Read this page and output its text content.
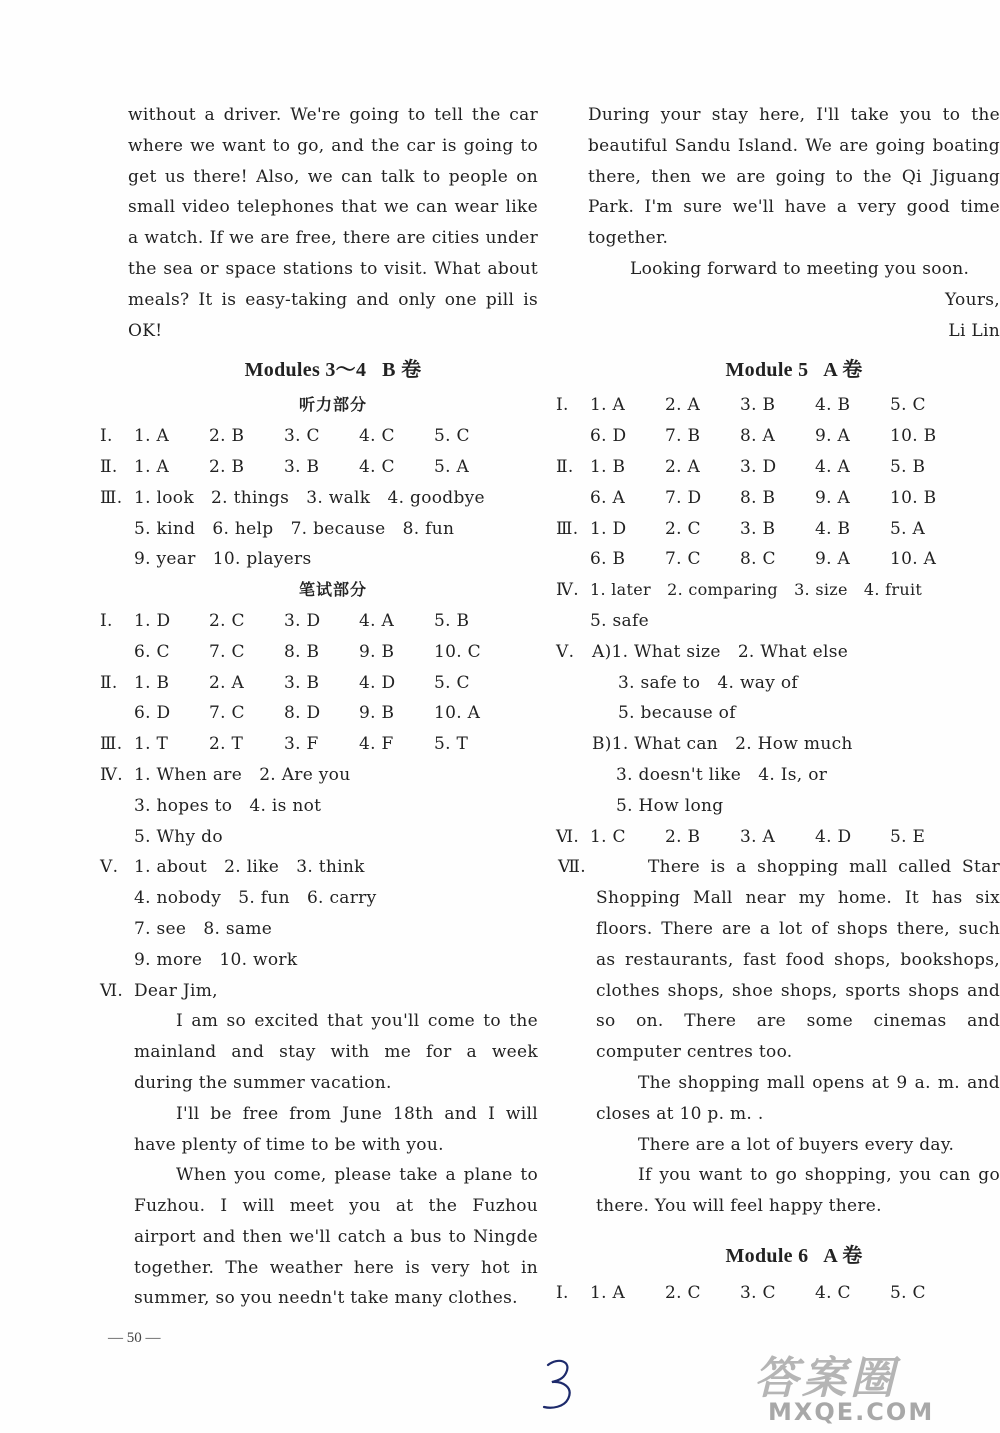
without a driver. We're going to tell the car where we want to go, and the car is going to get us there! Also, we can talk to people on small video telephones that we can wear like a watch. If we are free, there are cities under the sea or space stations to visit. What about meals? It is easy-taking and only one pill is OK!

Modules 3～4   B 卷
听力部分
Ⅰ.	1. A	2. B	3. C	4. C	5. C
Ⅱ. 1. A	2. B	3. B	4. C	5. A
Ⅲ. 1. look   2. things   3. walk   4. goodbye
5. kind   6. help   7. because   8. fun
9. year   10. players
笔试部分
Ⅰ.	1. D	2. C	3. D	4. A	5. B
6. C	7. C	8. B	9. B	10. C
Ⅱ. 1. B	2. A	3. B	4. D	5. C
6. D	7. C	8. D	9. B	10. A
Ⅲ. 1. T	2. T	3. F	4. F	5. T
Ⅳ. 1. When are   2. Are you
3. hopes to   4. is not
5. Why do
Ⅴ. 1. about   2. like   3. think
4. nobody   5. fun   6. carry
7. see   8. same
9. more   10. work
Ⅵ. Dear Jim,

I am so excited that you'll come to the mainland and stay with me for a week during the summer vacation.

I'll be free from June 18th and I will have plenty of time to be with you.

When you come, please take a plane to Fuzhou. I will meet you at the Fuzhou airport and then we'll catch a bus to Ningde together. The weather here is very hot in summer, so you needn't take many clothes.

During your stay here, I'll take you to the beautiful Sandu Island. We are going boating there, then we are going to the Qi Jiguang Park. I'm sure we'll have a very good time together.

Looking forward to meeting you soon.
Yours,
Li Lin
Module 5   A 卷
Ⅰ.	1. A	2. A	3. B	4. B	5. C
6. D	7. B	8. A	9. A	10. B
Ⅱ. 1. B	2. A	3. D	4. A	5. B
6. A	7. D	8. B	9. A	10. B
Ⅲ. 1. D	2. C	3. B	4. B	5. A
6. B	7. C	8. C	9. A	10. A
Ⅳ. 1. later   2. comparing   3. size   4. fruit
5. safe
Ⅴ.	A)1. What size   2. What else
3. safe to   4. way of
5. because of
B)1. What can   2. How much
3. doesn't like   4. Is, or
5. How long
Ⅵ. 1. C	2. B	3. A	4. D	5. E
Ⅶ.	There is a shopping mall called Star Shopping Mall near my home. It has six floors. There are a lot of shops there, such as restaurants, fast food shops, bookshops, clothes shops, shoe shops, sports shops and so on. There are some cinemas and computer centres too.

The shopping mall opens at 9 a. m. and closes at 10 p. m. .

There are a lot of buyers every day.

If you want to go shopping, you can go there. You will feel happy there.

Module 6   A 卷
Ⅰ.	1. A	2. C	3. C	4. C	5. C
— 50 —
答案圈
MXQE.COM
